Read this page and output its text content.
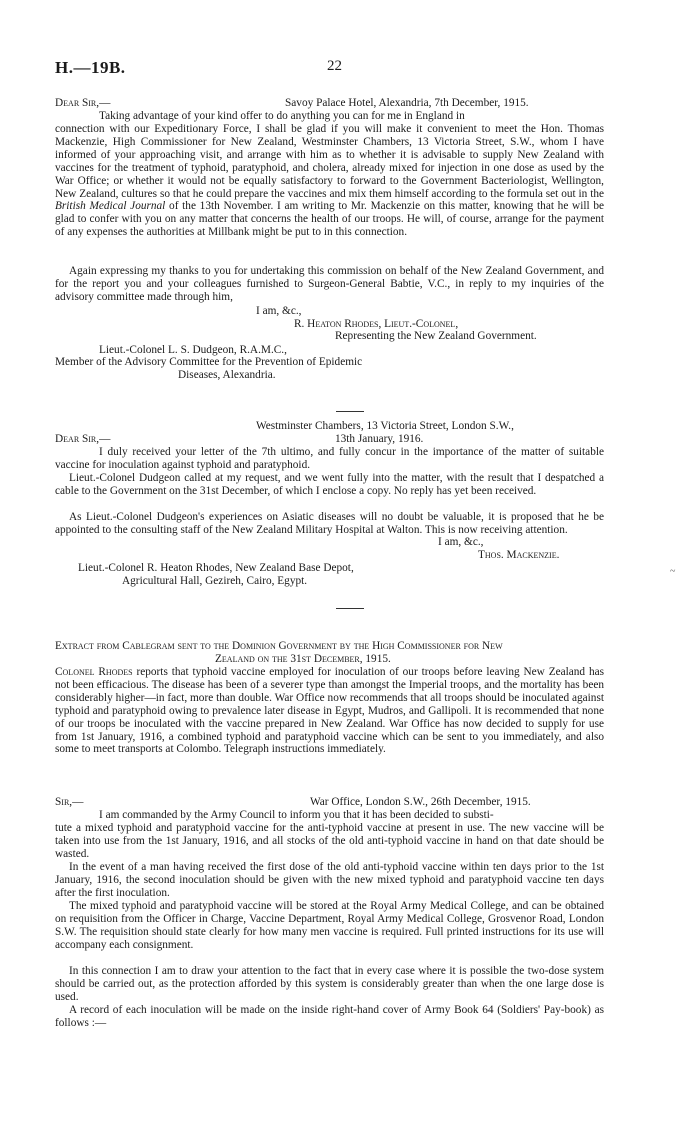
H.—19B.	22
Dear Sir,—	Savoy Palace Hotel, Alexandria, 7th December, 1915.
Taking advantage of your kind offer to do anything you can for me in England in

connection with our Expeditionary Force, I shall be glad if you will make it convenient to meet the Hon. Thomas Mackenzie, High Commissioner for New Zealand, Westminster Chambers, 13 Victoria Street, S.W., whom I have informed of your approaching visit, and arrange with him as to whether it is advisable to supply New Zealand with vaccines for the treatment of typhoid, paratyphoid, and cholera, already mixed for injection in one dose as used by the War Office; or whether it would not be equally satisfactory to forward to the Government Bacteriologist, Wellington, New Zealand, cultures so that he could prepare the vaccines and mix them himself according to the formula set out in the British Medical Journal of the 13th November. I am writing to Mr. Mackenzie on this matter, knowing that he will be glad to confer with you on any matter that concerns the health of our troops. He will, of course, arrange for the payment of any expenses the authorities at Millbank might be put to in this connection.

Again expressing my thanks to you for undertaking this commission on behalf of the New Zealand Government, and for the report you and your colleagues furnished to Surgeon-General Babtie, V.C., in reply to my inquiries of the advisory committee made through him,

I am, &c.,
R. Heaton Rhodes, Lieut.-Colonel,
Representing the New Zealand Government.
Lieut.-Colonel L. S. Dudgeon, R.A.M.C.,
Member of the Advisory Committee for the Prevention of Epidemic
Diseases, Alexandria.
Westminster Chambers, 13 Victoria Street, London S.W.,
Dear Sir,—	13th January, 1916.

I duly received your letter of the 7th ultimo, and fully concur in the importance of the matter of suitable vaccine for inoculation against typhoid and paratyphoid.

Lieut.-Colonel Dudgeon called at my request, and we went fully into the matter, with the result that I despatched a cable to the Government on the 31st December, of which I enclose a copy. No reply has yet been received.

As Lieut.-Colonel Dudgeon's experiences on Asiatic diseases will no doubt be valuable, it is proposed that he be appointed to the consulting staff of the New Zealand Military Hospital at Walton. This is now receiving attention.

I am, &c.,
Thos. Mackenzie.
Lieut.-Colonel R. Heaton Rhodes, New Zealand Base Depot,
Agricultural Hall, Gezireh, Cairo, Egypt.
Extract from Cablegram sent to the Dominion Government by the High Commissioner for New
Zealand on the 31st December, 1915.

Colonel Rhodes reports that typhoid vaccine employed for inoculation of our troops before leaving New Zealand has not been efficacious. The disease has been of a severer type than amongst the Imperial troops, and the mortality has been considerably higher—in fact, more than double. War Office now recommends that all troops should be inoculated against typhoid and paratyphoid owing to prevalence later disease in Egypt, Mudros, and Gallipoli. It is recommended that none of our troops be inoculated with the vaccine prepared in New Zealand. War Office has now decided to supply for use from 1st January, 1916, a combined typhoid and paratyphoid vaccine which can be sent to you immediately, and also some to meet transports at Colombo. Telegraph instructions immediately.

~
Sir,—	War Office, London S.W., 26th December, 1915.
I am commanded by the Army Council to inform you that it has been decided to substi-

tute a mixed typhoid and paratyphoid vaccine for the anti-typhoid vaccine at present in use. The new vaccine will be taken into use from the 1st January, 1916, and all stocks of the old anti-typhoid vaccine in hand on that date should be wasted.

In the event of a man having received the first dose of the old anti-typhoid vaccine within ten days prior to the 1st January, 1916, the second inoculation should be given with the new mixed typhoid and paratyphoid vaccine ten days after the first inoculation.

The mixed typhoid and paratyphoid vaccine will be stored at the Royal Army Medical College, and can be obtained on requisition from the Officer in Charge, Vaccine Department, Royal Army Medical College, Grosvenor Road, London S.W. The requisition should state clearly for how many men vaccine is required. Full printed instructions for its use will accompany each consignment.

In this connection I am to draw your attention to the fact that in every case where it is possible the two-dose system should be carried out, as the protection afforded by this system is considerably greater than when the one large dose is used.

A record of each inoculation will be made on the inside right-hand cover of Army Book 64 (Soldiers' Pay-book) as follows :—
